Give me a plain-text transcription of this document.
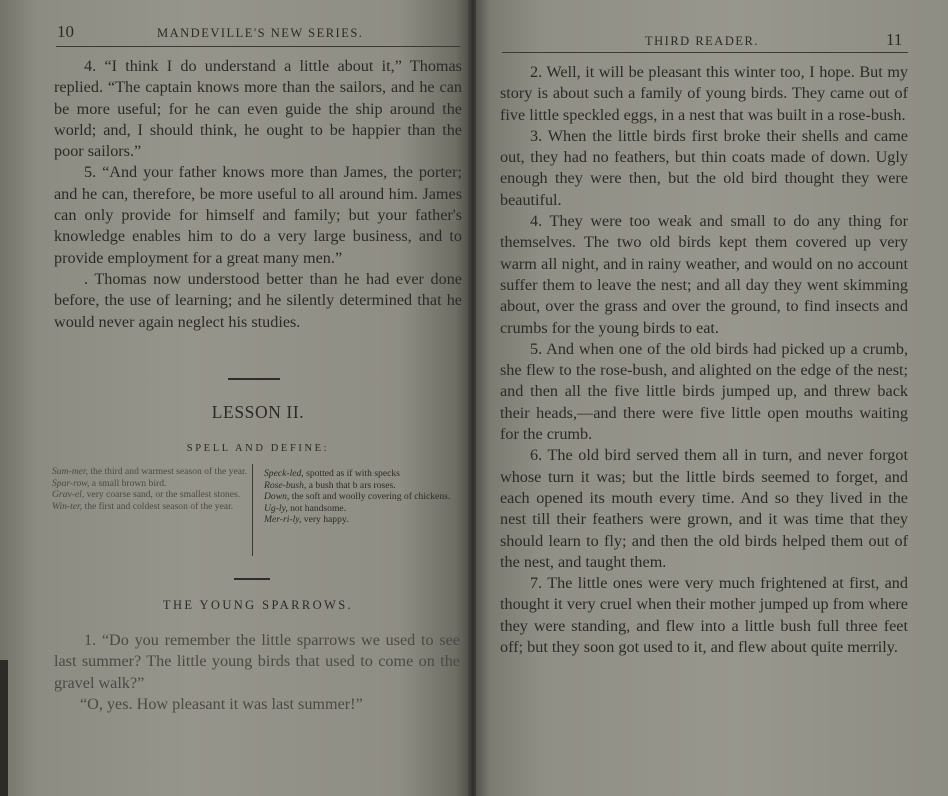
10	MANDEVILLE'S NEW SERIES.

4. “I think I do understand a little about it,” Thomas replied. “The captain knows more than the sailors, and he can be more useful; for he can even guide the ship around the world; and, I should think, he ought to be happier than the poor sailors.”

5. “And your father knows more than James, the porter; and he can, therefore, be more useful to all around him. James can only provide for himself and family; but your father's knowledge enables him to do a very large business, and to provide employment for a great many men.”

. Thomas now understood better than he had ever done before, the use of learning; and he silently determined that he would never again neglect his studies.

LESSON II.
SPELL AND DEFINE:
Sum-mer, the third and warmest season of the year.
Spar-row, a small brown bird.
Grav-el, very coarse sand, or the smallest stones.
Win-ter, the first and coldest season of the year.
Speck-led, spotted as if with specks
Rose-bush, a bush that b ars roses.
Down, the soft and woolly covering of chickens.
Ug-ly, not handsome.
Mer-ri-ly, very happy.
THE YOUNG SPARROWS.

1. “Do you remember the little sparrows we used to see last summer? The little young birds that used to come on the gravel walk?”

“O, yes. How pleasant it was last summer!”

THIRD READER.	11

2. Well, it will be pleasant this winter too, I hope. But my story is about such a family of young birds. They came out of five little speckled eggs, in a nest that was built in a rose-bush.

3. When the little birds first broke their shells and came out, they had no feathers, but thin coats made of down. Ugly enough they were then, but the old bird thought they were beautiful.

4. They were too weak and small to do any thing for themselves. The two old birds kept them covered up very warm all night, and in rainy weather, and would on no account suffer them to leave the nest; and all day they went skimming about, over the grass and over the ground, to find insects and crumbs for the young birds to eat.

5. And when one of the old birds had picked up a crumb, she flew to the rose-bush, and alighted on the edge of the nest; and then all the five little birds jumped up, and threw back their heads,—and there were five little open mouths waiting for the crumb.

6. The old bird served them all in turn, and never forgot whose turn it was; but the little birds seemed to forget, and each opened its mouth every time. And so they lived in the nest till their feathers were grown, and it was time that they should learn to fly; and then the old birds helped them out of the nest, and taught them.

7. The little ones were very much frightened at first, and thought it very cruel when their mother jumped up from where they were standing, and flew into a little bush full three feet off; but they soon got used to it, and flew about quite merrily.
